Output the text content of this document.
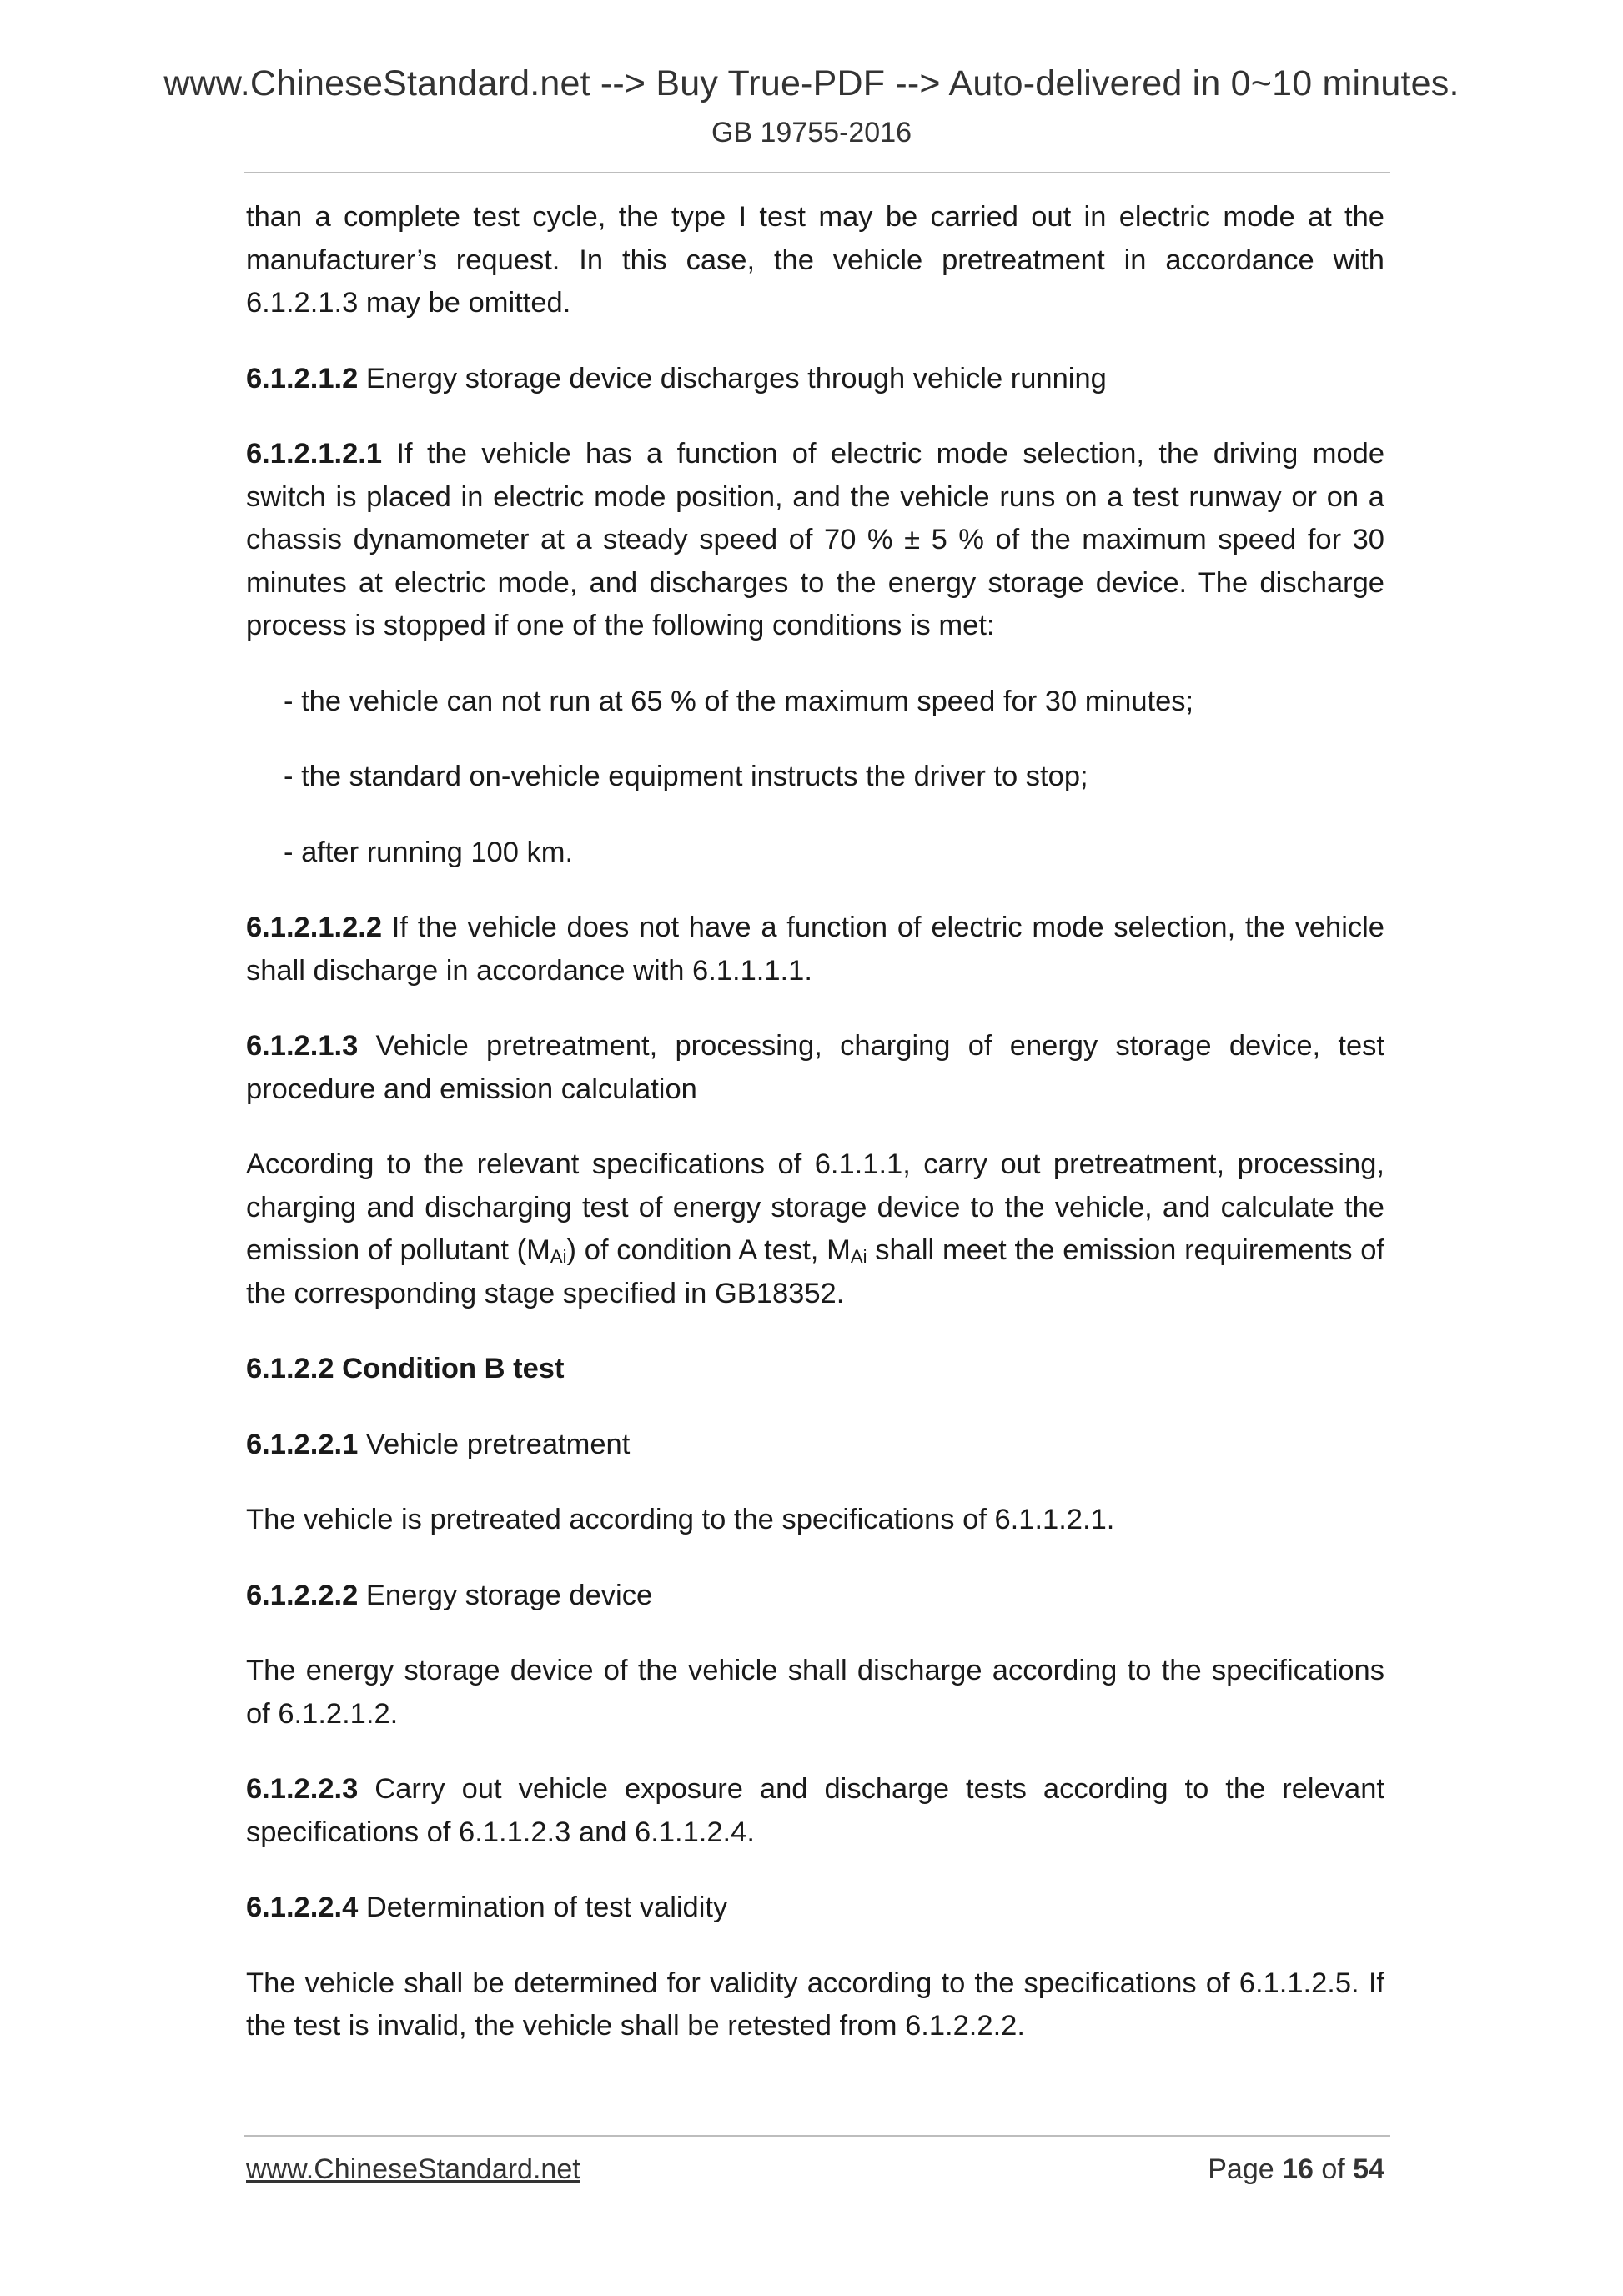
www.ChineseStandard.net --> Buy True-PDF --> Auto-delivered in 0~10 minutes.
GB 19755-2016

than a complete test cycle, the type I test may be carried out in electric mode at the manufacturer’s request. In this case, the vehicle pretreatment in accordance with 6.1.2.1.3 may be omitted.

6.1.2.1.2 Energy storage device discharges through vehicle running

6.1.2.1.2.1 If the vehicle has a function of electric mode selection, the driving mode switch is placed in electric mode position, and the vehicle runs on a test runway or on a chassis dynamometer at a steady speed of 70 % ± 5 % of the maximum speed for 30 minutes at electric mode, and discharges to the energy storage device. The discharge process is stopped if one of the following conditions is met:

- the vehicle can not run at 65 % of the maximum speed for 30 minutes;

- the standard on-vehicle equipment instructs the driver to stop;

- after running 100 km.

6.1.2.1.2.2 If the vehicle does not have a function of electric mode selection, the vehicle shall discharge in accordance with 6.1.1.1.1.

6.1.2.1.3 Vehicle pretreatment, processing, charging of energy storage device, test procedure and emission calculation

According to the relevant specifications of 6.1.1.1, carry out pretreatment, processing, charging and discharging test of energy storage device to the vehicle, and calculate the emission of pollutant $(M_{Ai})$ of condition A test, $M_{Ai}$ shall meet the emission requirements of the corresponding stage specified in GB18352.

6.1.2.2 Condition B test

6.1.2.2.1 Vehicle pretreatment

The vehicle is pretreated according to the specifications of 6.1.1.2.1.

6.1.2.2.2 Energy storage device

The energy storage device of the vehicle shall discharge according to the specifications of 6.1.2.1.2.

6.1.2.2.3 Carry out vehicle exposure and discharge tests according to the relevant specifications of 6.1.1.2.3 and 6.1.1.2.4.

6.1.2.2.4 Determination of test validity

The vehicle shall be determined for validity according to the specifications of 6.1.1.2.5. If the test is invalid, the vehicle shall be retested from 6.1.2.2.2.

www.ChineseStandard.net	Page 16 of 54
